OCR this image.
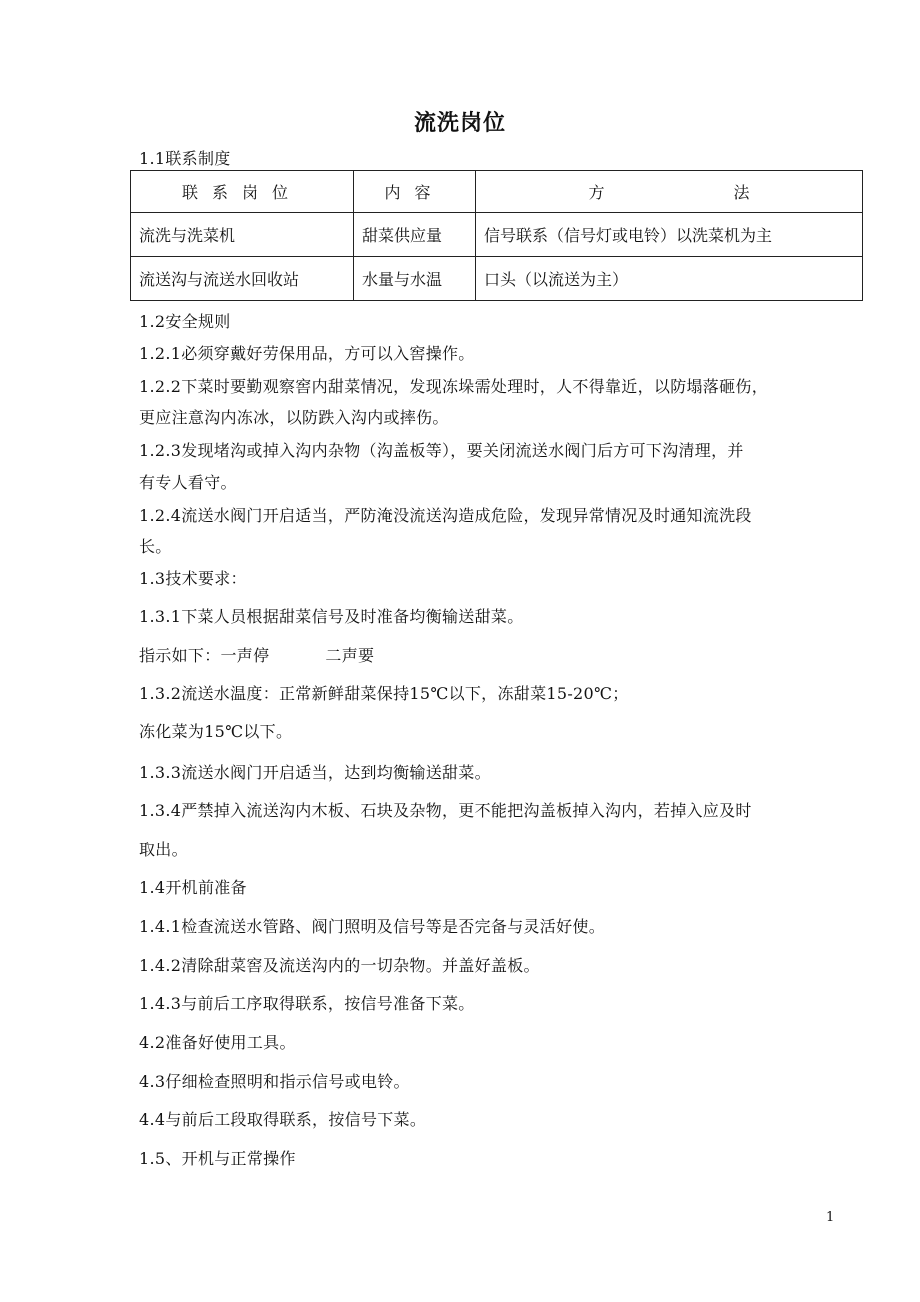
流洗岗位
1.1联系制度
联系岗位	内容	方 法

流洗与洗菜机	甜菜供应量	信号联系（信号灯或电铃）以洗菜机为主
流送沟与流送水回收站	水量与水温	口头（以流送为主）
1.2安全规则
1.2.1必须穿戴好劳保用品，方可以入窖操作。
1.2.2下菜时要勤观察窖内甜菜情况，发现冻垛需处理时，人不得靠近，以防塌落砸伤，
更应注意沟内冻冰，以防跌入沟内或摔伤。
1.2.3发现堵沟或掉入沟内杂物（沟盖板等），要关闭流送水阀门后方可下沟清理，并
有专人看守。
1.2.4流送水阀门开启适当，严防淹没流送沟造成危险，发现异常情况及时通知流洗段
长。
1.3技术要求：
1.3.1下菜人员根据甜菜信号及时准备均衡输送甜菜。
指示如下：一声停	二声要
1.3.2流送水温度：正常新鲜甜菜保持15℃以下，冻甜菜15-20℃；
冻化菜为15℃以下。
1.3.3流送水阀门开启适当，达到均衡输送甜菜。
1.3.4严禁掉入流送沟内木板、石块及杂物，更不能把沟盖板掉入沟内，若掉入应及时
取出。
1.4开机前准备
1.4.1检查流送水管路、阀门照明及信号等是否完备与灵活好使。
1.4.2清除甜菜窖及流送沟内的一切杂物。并盖好盖板。
1.4.3与前后工序取得联系，按信号准备下菜。
4.2准备好使用工具。
4.3仔细检查照明和指示信号或电铃。
4.4与前后工段取得联系，按信号下菜。
1.5、开机与正常操作
1
